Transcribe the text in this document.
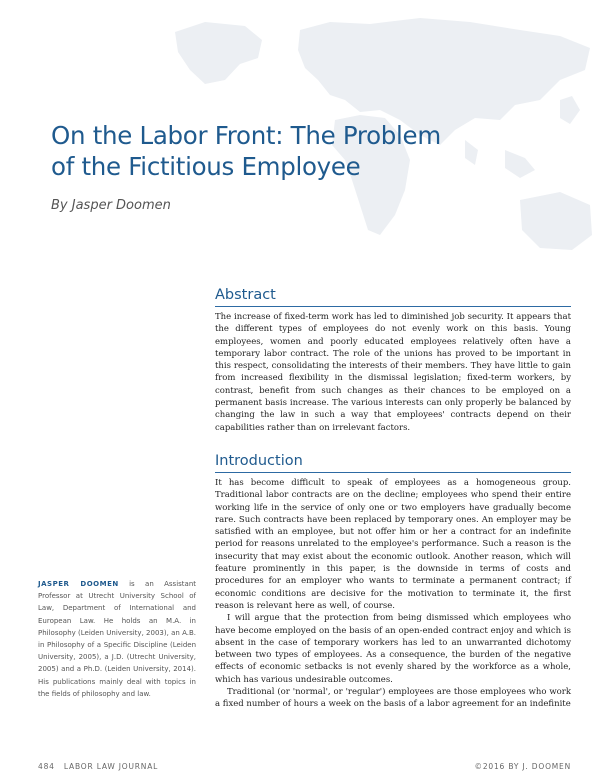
On the Labor Front: The Problem
of the Fictitious Employee
By Jasper Doomen
Abstract

The increase of fixed-term work has led to diminished job security. It appears that the different types of employees do not evenly work on this basis. Young employees, women and poorly educated employees relatively often have a temporary labor contract. The role of the unions has proved to be important in this respect, consolidating the interests of their members. They have little to gain from increased flexibility in the dismissal legislation; fixed-term workers, by contrast, benefit from such changes as their chances to be employed on a permanent basis increase. The various interests can only properly be balanced by changing the law in such a way that employees' contracts depend on their capabilities rather than on irrelevant factors.

Introduction

It has become difficult to speak of employees as a homogeneous group. Traditional labor contracts are on the decline; employees who spend their entire working life in the service of only one or two employers have gradually become rare. Such contracts have been replaced by temporary ones. An employer may be satisfied with an employee, but not offer him or her a contract for an indefinite period for reasons unrelated to the employee's performance. Such a reason is the insecurity that may exist about the economic outlook. Another reason, which will feature prominently in this paper, is the downside in terms of costs and procedures for an employer who wants to terminate a permanent contract; if economic conditions are decisive for the motivation to terminate it, the first reason is relevant here as well, of course.

I will argue that the protection from being dismissed which employees who have become employed on the basis of an open-ended contract enjoy and which is absent in the case of temporary workers has led to an unwarranted dichotomy between two types of employees. As a consequence, the burden of the negative effects of economic setbacks is not evenly shared by the workforce as a whole, which has various undesirable outcomes.

Traditional (or 'normal', or 'regular') employees are those employees who work a fixed number of hours a week on the basis of a labor agreement for an indefinite

JASPER DOOMEN is an Assistant Professor at Utrecht University School of Law, Department of International and European Law. He holds an M.A. in Philosophy (Leiden University, 2003), an A.B. in Philosophy of a Specific Discipline (Leiden University, 2005), a J.D. (Utrecht University, 2005) and a Ph.D. (Leiden University, 2014). His publications mainly deal with topics in the fields of philosophy and law.

484 LABOR LAW JOURNAL	©2016 BY J. DOOMEN
